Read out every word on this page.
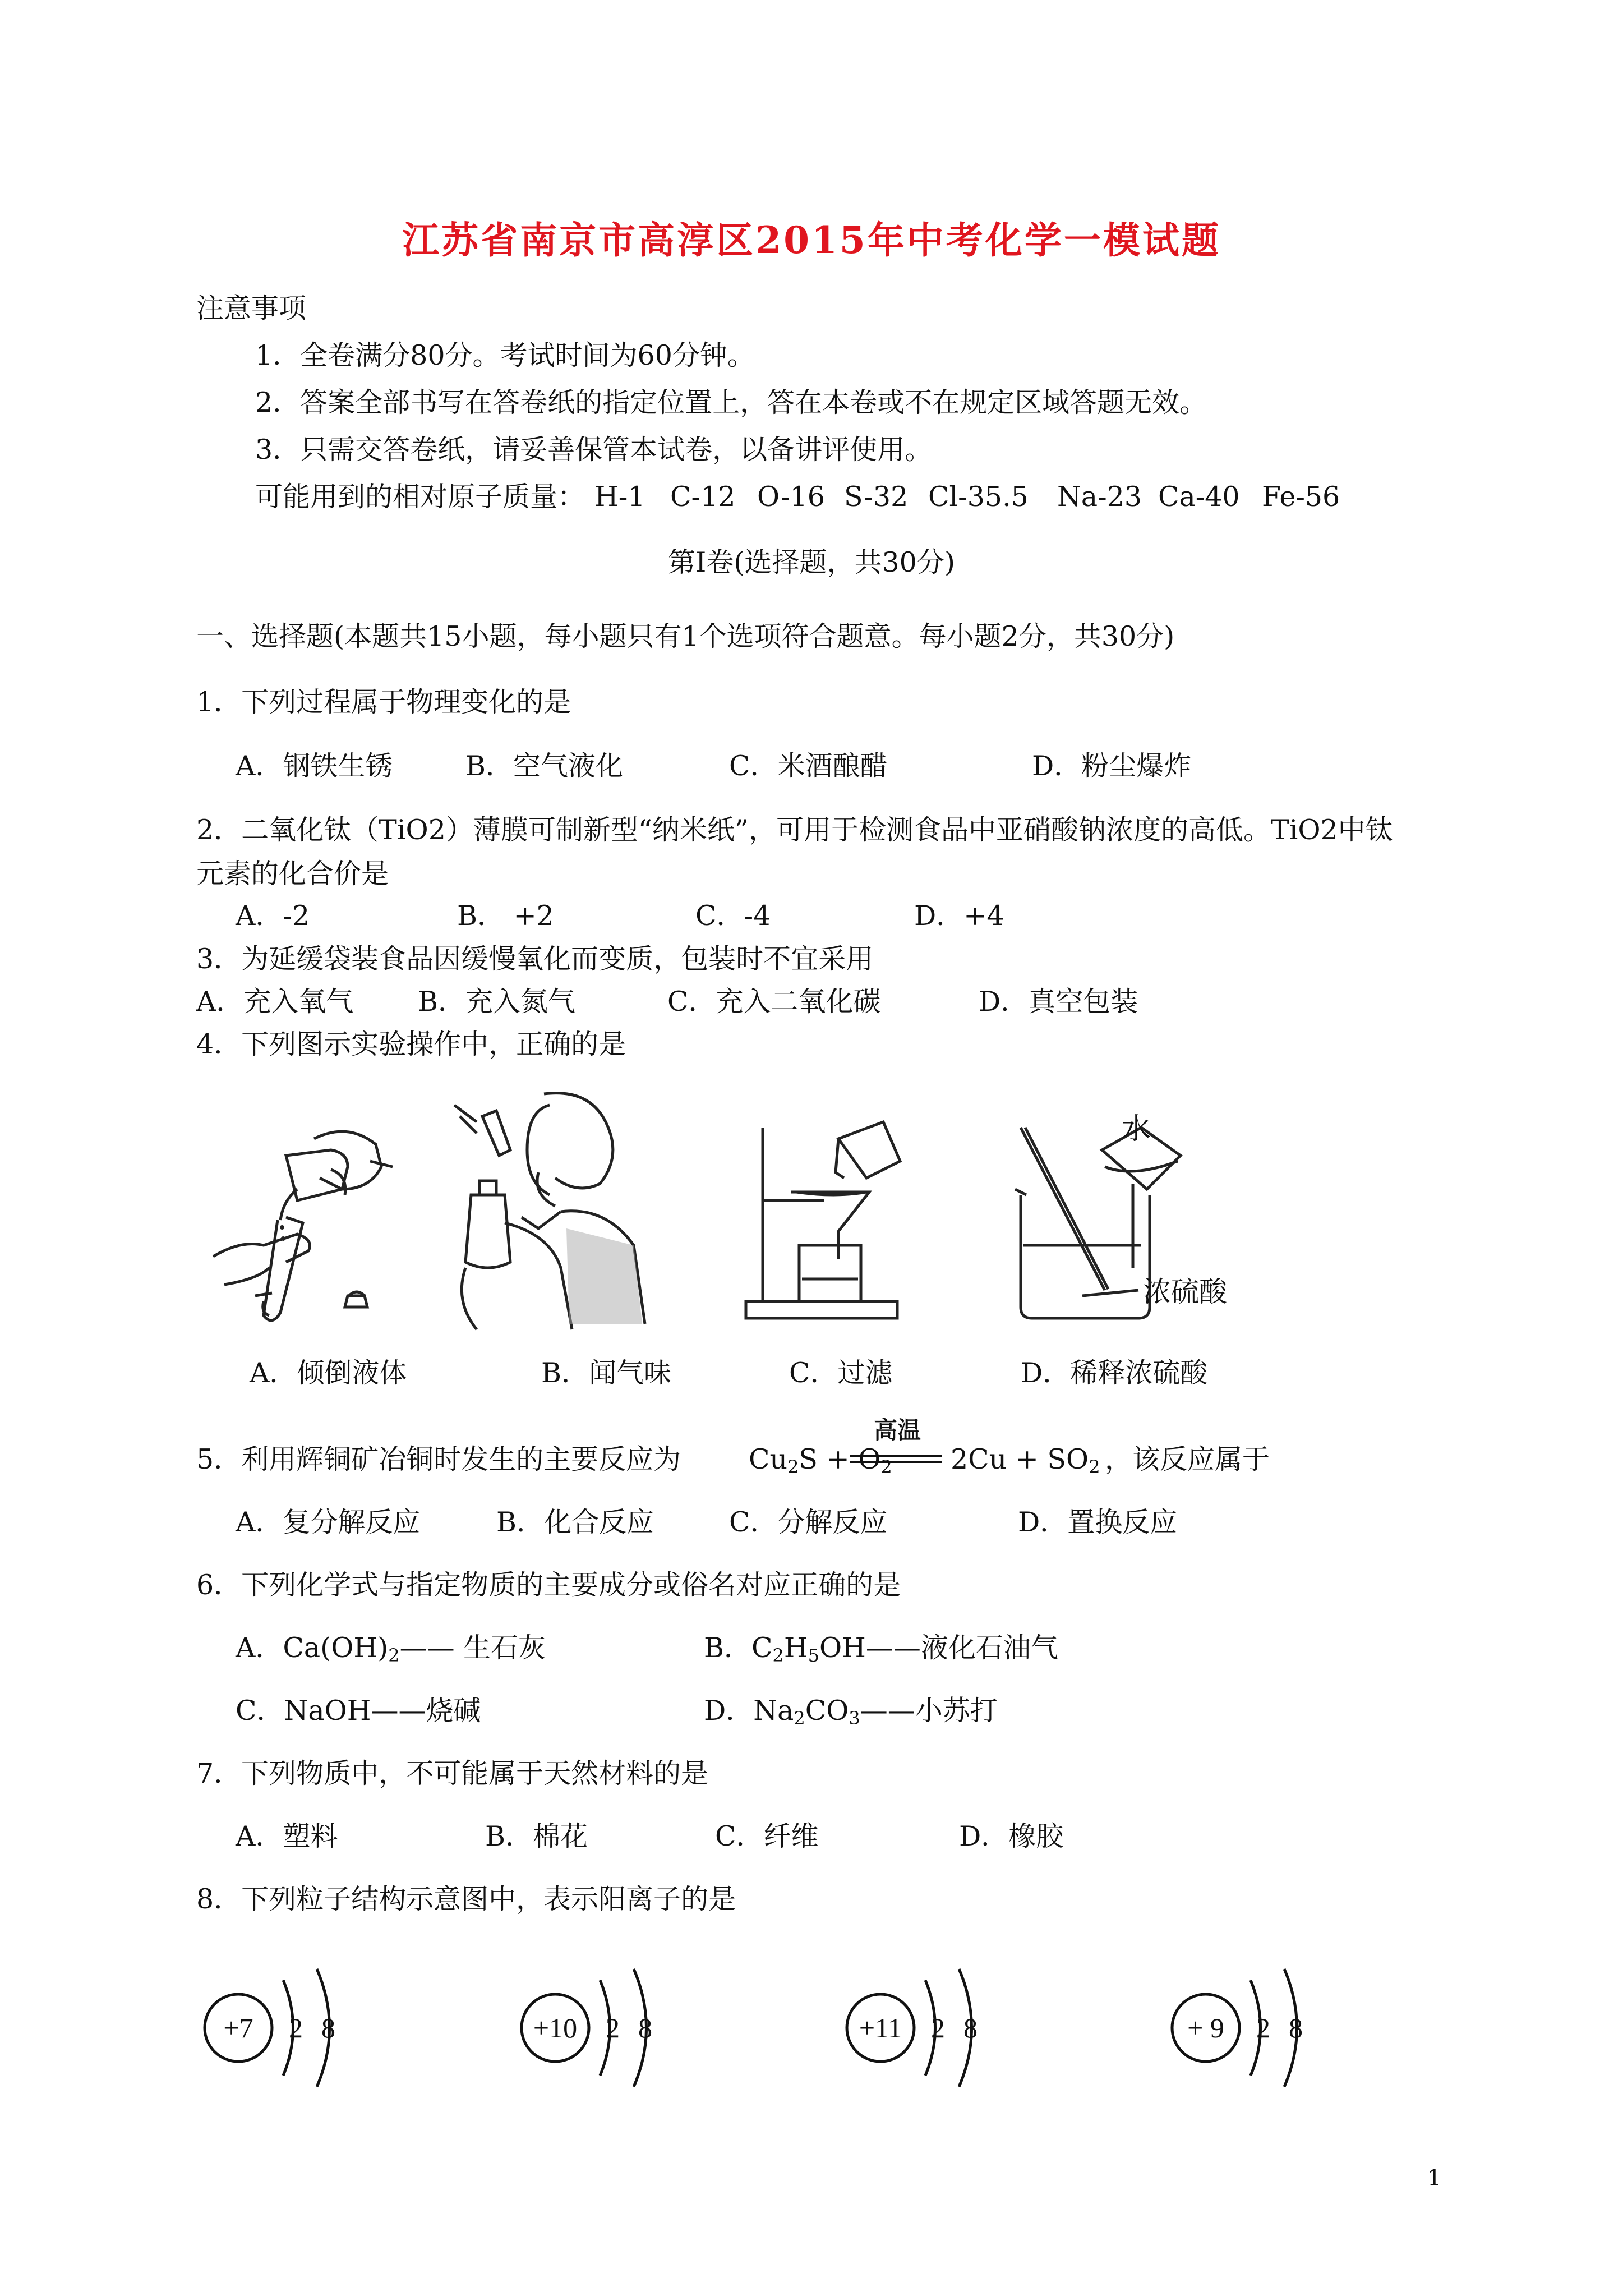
江苏省南京市高淳区2015年中考化学一模试题
注意事项
1．全卷满分80分。考试时间为60分钟。
2．答案全部书写在答卷纸的指定位置上，答在本卷或不在规定区域答题无效。
3．只需交答卷纸，请妥善保管本试卷，以备讲评使用。
可能用到的相对原子质量： H-1 C-12 O-16 S-32 Cl-35.5 Na-23 Ca-40 Fe-56
第Ⅰ卷(选择题，共30分)
一、选择题(本题共15小题，每小题只有1个选项符合题意。每小题2分，共30分)
1．下列过程属于物理变化的是
A．钢铁生锈	B．空气液化	C．米酒酿醋	D．粉尘爆炸
2．二氧化钛（TiO2）薄膜可制新型“纳米纸”，可用于检测食品中亚硝酸钠浓度的高低。TiO2中钛
元素的化合价是
A．-2	B． +2	C．-4	D．+4
3．为延缓袋装食品因缓慢氧化而变质，包装时不宜采用
A．充入氧气 B．充入氮气	C．充入二氧化碳	D．真空包装
4．下列图示实验操作中，正确的是
水
浓硫酸
A．倾倒液体	B．闻气味	C．过滤	D．稀释浓硫酸
5．利用辉铜矿冶铜时发生的主要反应为 $Cu_2S + O_2$
高温
$2Cu + SO_2$ ，该反应属于
A．复分解反应	B．化合反应	C．分解反应	D．置换反应
6．下列化学式与指定物质的主要成分或俗名对应正确的是
A．$Ca(OH)_2——$ 生石灰	B．$C_2H_5OH——$液化石油气
C．NaOH——烧碱	D．$Na_2CO_3——$小苏打
7．下列物质中，不可能属于天然材料的是
A．塑料	B．棉花	C．纤维	D．橡胶
8．下列粒子结构示意图中，表示阳离子的是
+7 2 8	+10 2 8	+11 2 8	+ 9 2 8
1
